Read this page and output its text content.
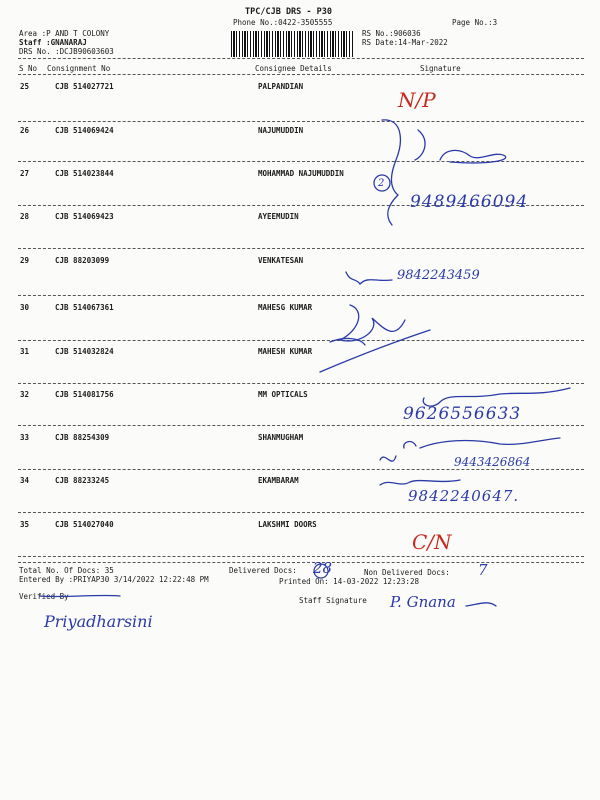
TPC/CJB DRS - P30
Phone No.:0422-3505555	Page No.:3
Area :P AND T COLONY
Staff :GNANARAJ
DRS No. :DCJB90603603
RS No.:906036
RS Date:14-Mar-2022
S No Consignment No	Consignee Details	Signature
25	CJB 514027721	PALPANDIAN
26	CJB 514069424	NAJUMUDDIN
27	CJB 514023844	MOHAMMAD NAJUMUDDIN
28	CJB 514069423	AYEEMUDIN
29	CJB 88203099	VENKATESAN
30	CJB 514067361	MAHESG KUMAR
31	CJB 514032824	MAHESH KUMAR
32	CJB 514081756	MM OPTICALS
33	CJB 88254309	SHANMUGHAM
34	CJB 88233245	EKAMBARAM
35	CJB 514027040	LAKSHMI DOORS
Total No. Of Docs: 35	Delivered Docs:	Non Delivered Docs:
Entered By :PRIYAP30 3/14/2022 12:22:48 PM	Printed On: 14-03-2022 12:23:28
Verified By	Staff Signature
N/P
9489466094
9842243459
9626556633
9443426864
9842240647.
C/N
28	7
2
Priyadharsini
P. Gnana
